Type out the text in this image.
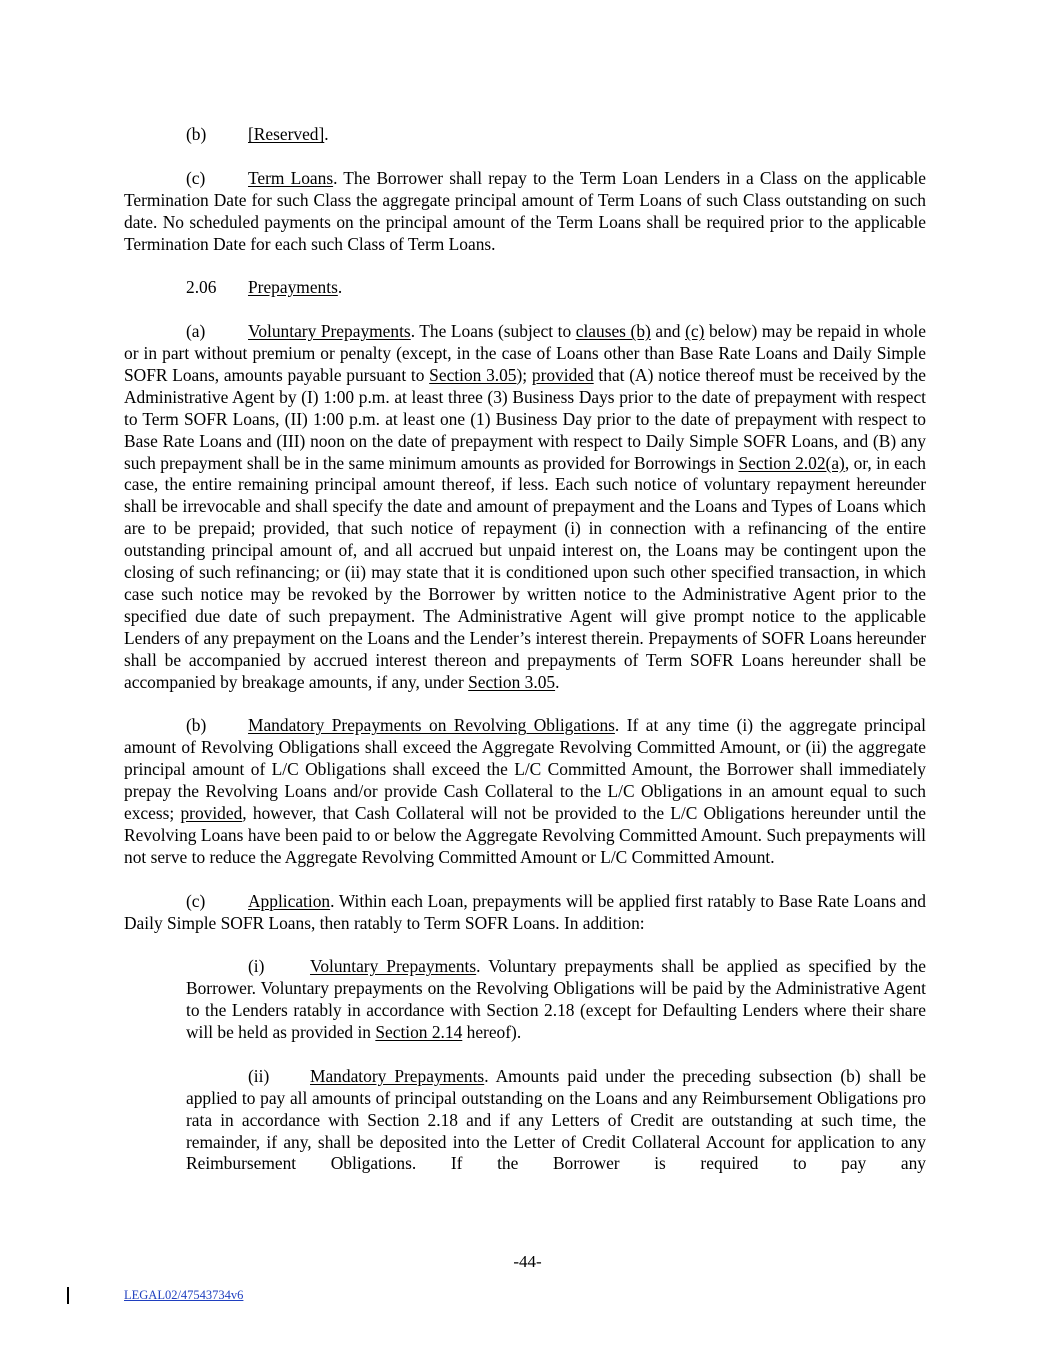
(b) [Reserved].

(c) Term Loans. The Borrower shall repay to the Term Loan Lenders in a Class on the applicable Termination Date for such Class the aggregate principal amount of Term Loans of such Class outstanding on such date. No scheduled payments on the principal amount of the Term Loans shall be required prior to the applicable Termination Date for each such Class of Term Loans.

2.06 Prepayments.

(a) Voluntary Prepayments. The Loans (subject to clauses (b) and (c) below) may be repaid in whole or in part without premium or penalty (except, in the case of Loans other than Base Rate Loans and Daily Simple SOFR Loans, amounts payable pursuant to Section 3.05); provided that (A) notice thereof must be received by the Administrative Agent by (I) 1:00 p.m. at least three (3) Business Days prior to the date of prepayment with respect to Term SOFR Loans, (II) 1:00 p.m. at least one (1) Business Day prior to the date of prepayment with respect to Base Rate Loans and (III) noon on the date of prepayment with respect to Daily Simple SOFR Loans, and (B) any such prepayment shall be in the same minimum amounts as provided for Borrowings in Section 2.02(a), or, in each case, the entire remaining principal amount thereof, if less. Each such notice of voluntary repayment hereunder shall be irrevocable and shall specify the date and amount of prepayment and the Loans and Types of Loans which are to be prepaid; provided, that such notice of repayment (i) in connection with a refinancing of the entire outstanding principal amount of, and all accrued but unpaid interest on, the Loans may be contingent upon the closing of such refinancing; or (ii) may state that it is conditioned upon such other specified transaction, in which case such notice may be revoked by the Borrower by written notice to the Administrative Agent prior to the specified due date of such prepayment. The Administrative Agent will give prompt notice to the applicable Lenders of any prepayment on the Loans and the Lender’s interest therein. Prepayments of SOFR Loans hereunder shall be accompanied by accrued interest thereon and prepayments of Term SOFR Loans hereunder shall be accompanied by breakage amounts, if any, under Section 3.05.

(b) Mandatory Prepayments on Revolving Obligations. If at any time (i) the aggregate principal amount of Revolving Obligations shall exceed the Aggregate Revolving Committed Amount, or (ii) the aggregate principal amount of L/C Obligations shall exceed the L/C Committed Amount, the Borrower shall immediately prepay the Revolving Loans and/or provide Cash Collateral to the L/C Obligations in an amount equal to such excess; provided, however, that Cash Collateral will not be provided to the L/C Obligations hereunder until the Revolving Loans have been paid to or below the Aggregate Revolving Committed Amount. Such prepayments will not serve to reduce the Aggregate Revolving Committed Amount or L/C Committed Amount.

(c) Application. Within each Loan, prepayments will be applied first ratably to Base Rate Loans and Daily Simple SOFR Loans, then ratably to Term SOFR Loans. In addition:

(i)	Voluntary Prepayments. Voluntary prepayments shall be applied as specified by the Borrower. Voluntary prepayments on the Revolving Obligations will be paid by the Administrative Agent to the Lenders ratably in accordance with Section 2.18 (except for Defaulting Lenders where their share will be held as provided in Section 2.14 hereof).

(ii) Mandatory Prepayments. Amounts paid under the preceding subsection (b) shall be applied to pay all amounts of principal outstanding on the Loans and any Reimbursement Obligations pro rata in accordance with Section 2.18 and if any Letters of Credit are outstanding at such time, the remainder, if any, shall be deposited into the Letter of Credit Collateral Account for application to any Reimbursement Obligations. If the Borrower is required to pay any

-44-
LEGAL02/47543734v6
